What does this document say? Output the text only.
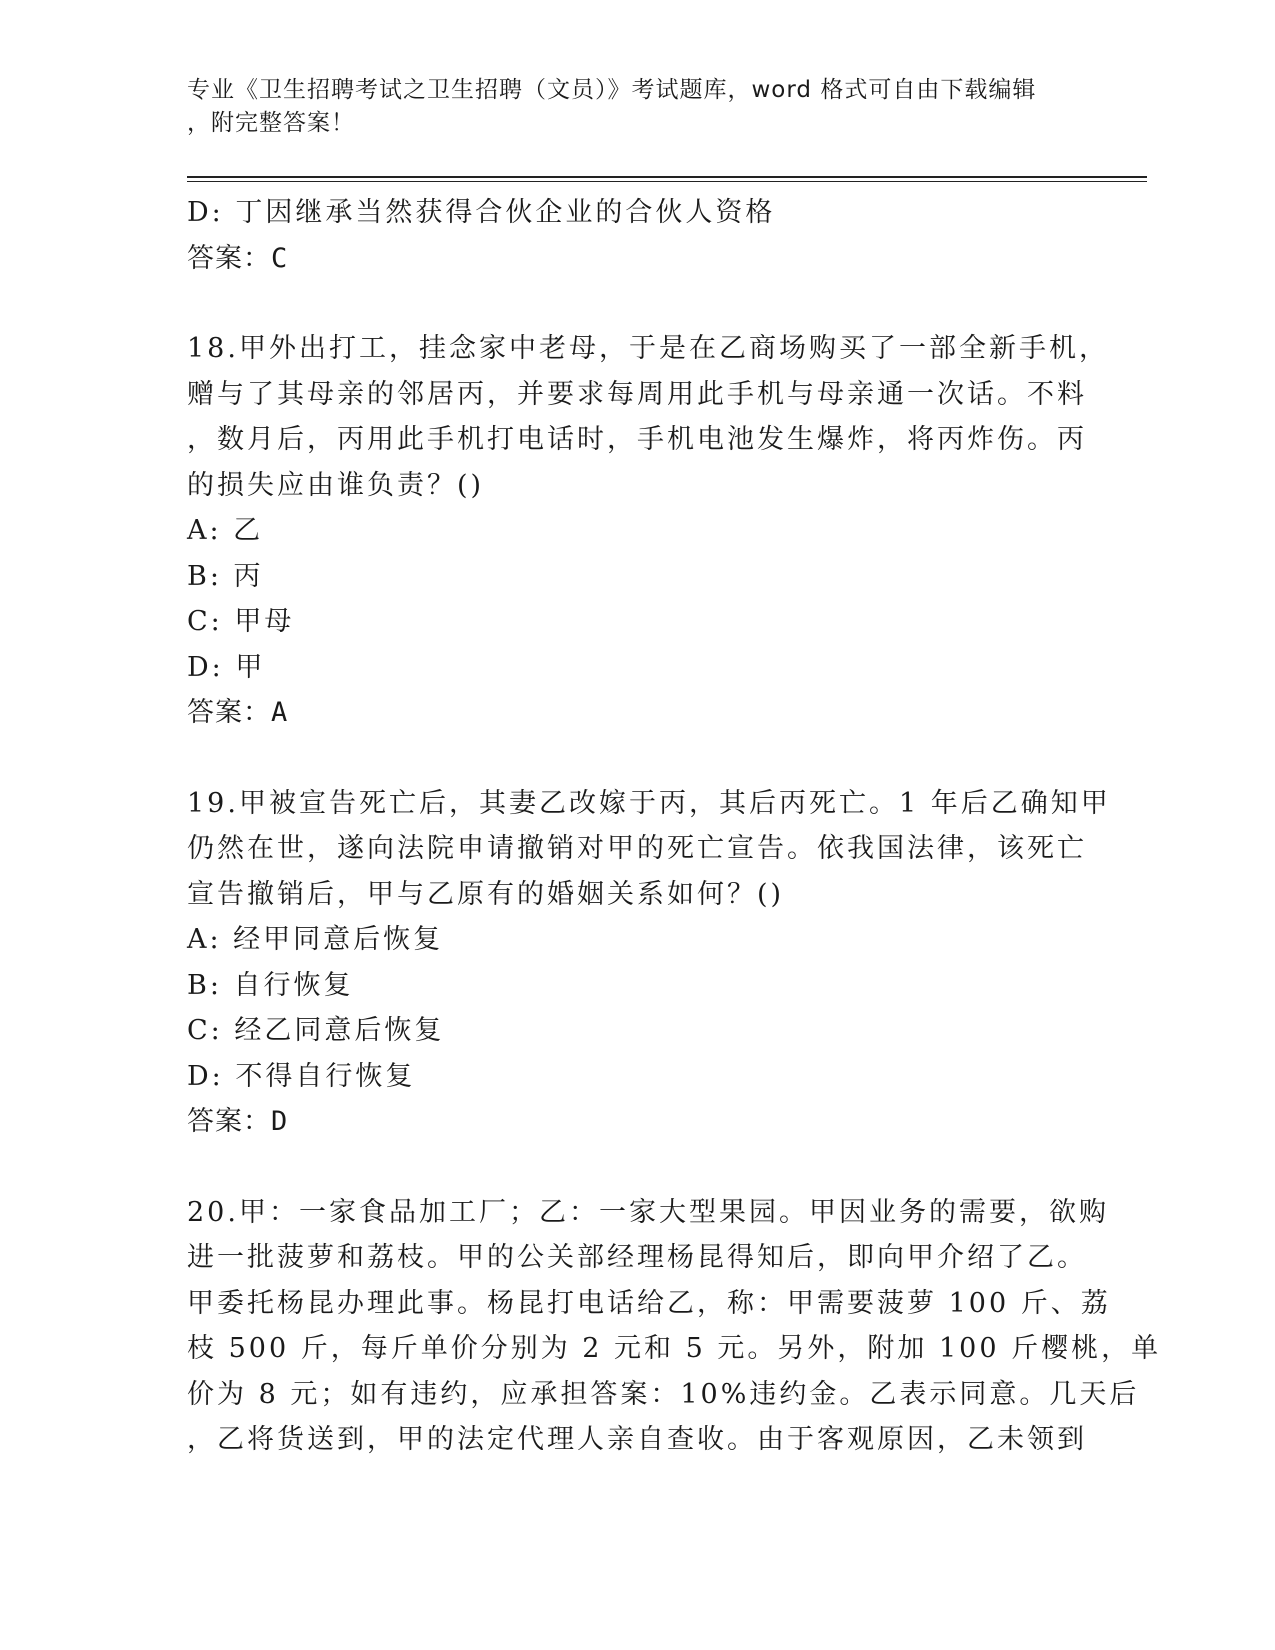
专业《卫生招聘考试之卫生招聘（文员）》考试题库，word 格式可自由下载编辑
，附完整答案！
D: 丁因继承当然获得合伙企业的合伙人资格
答案：C
18.甲外出打工，挂念家中老母，于是在乙商场购买了一部全新手机，
赠与了其母亲的邻居丙，并要求每周用此手机与母亲通一次话。不料
，数月后，丙用此手机打电话时，手机电池发生爆炸，将丙炸伤。丙
的损失应由谁负责？()
A: 乙
B: 丙
C: 甲母
D: 甲
答案：A
19.甲被宣告死亡后，其妻乙改嫁于丙，其后丙死亡。1 年后乙确知甲
仍然在世，遂向法院申请撤销对甲的死亡宣告。依我国法律，该死亡
宣告撤销后，甲与乙原有的婚姻关系如何？()
A: 经甲同意后恢复
B: 自行恢复
C: 经乙同意后恢复
D: 不得自行恢复
答案：D
20.甲：一家食品加工厂；乙：一家大型果园。甲因业务的需要，欲购
进一批菠萝和荔枝。甲的公关部经理杨昆得知后，即向甲介绍了乙。
甲委托杨昆办理此事。杨昆打电话给乙，称：甲需要菠萝 100 斤、荔
枝 500 斤，每斤单价分别为 2 元和 5 元。另外，附加 100 斤樱桃，单
价为 8 元；如有违约，应承担答案：10%违约金。乙表示同意。几天后
，乙将货送到，甲的法定代理人亲自查收。由于客观原因，乙未领到
